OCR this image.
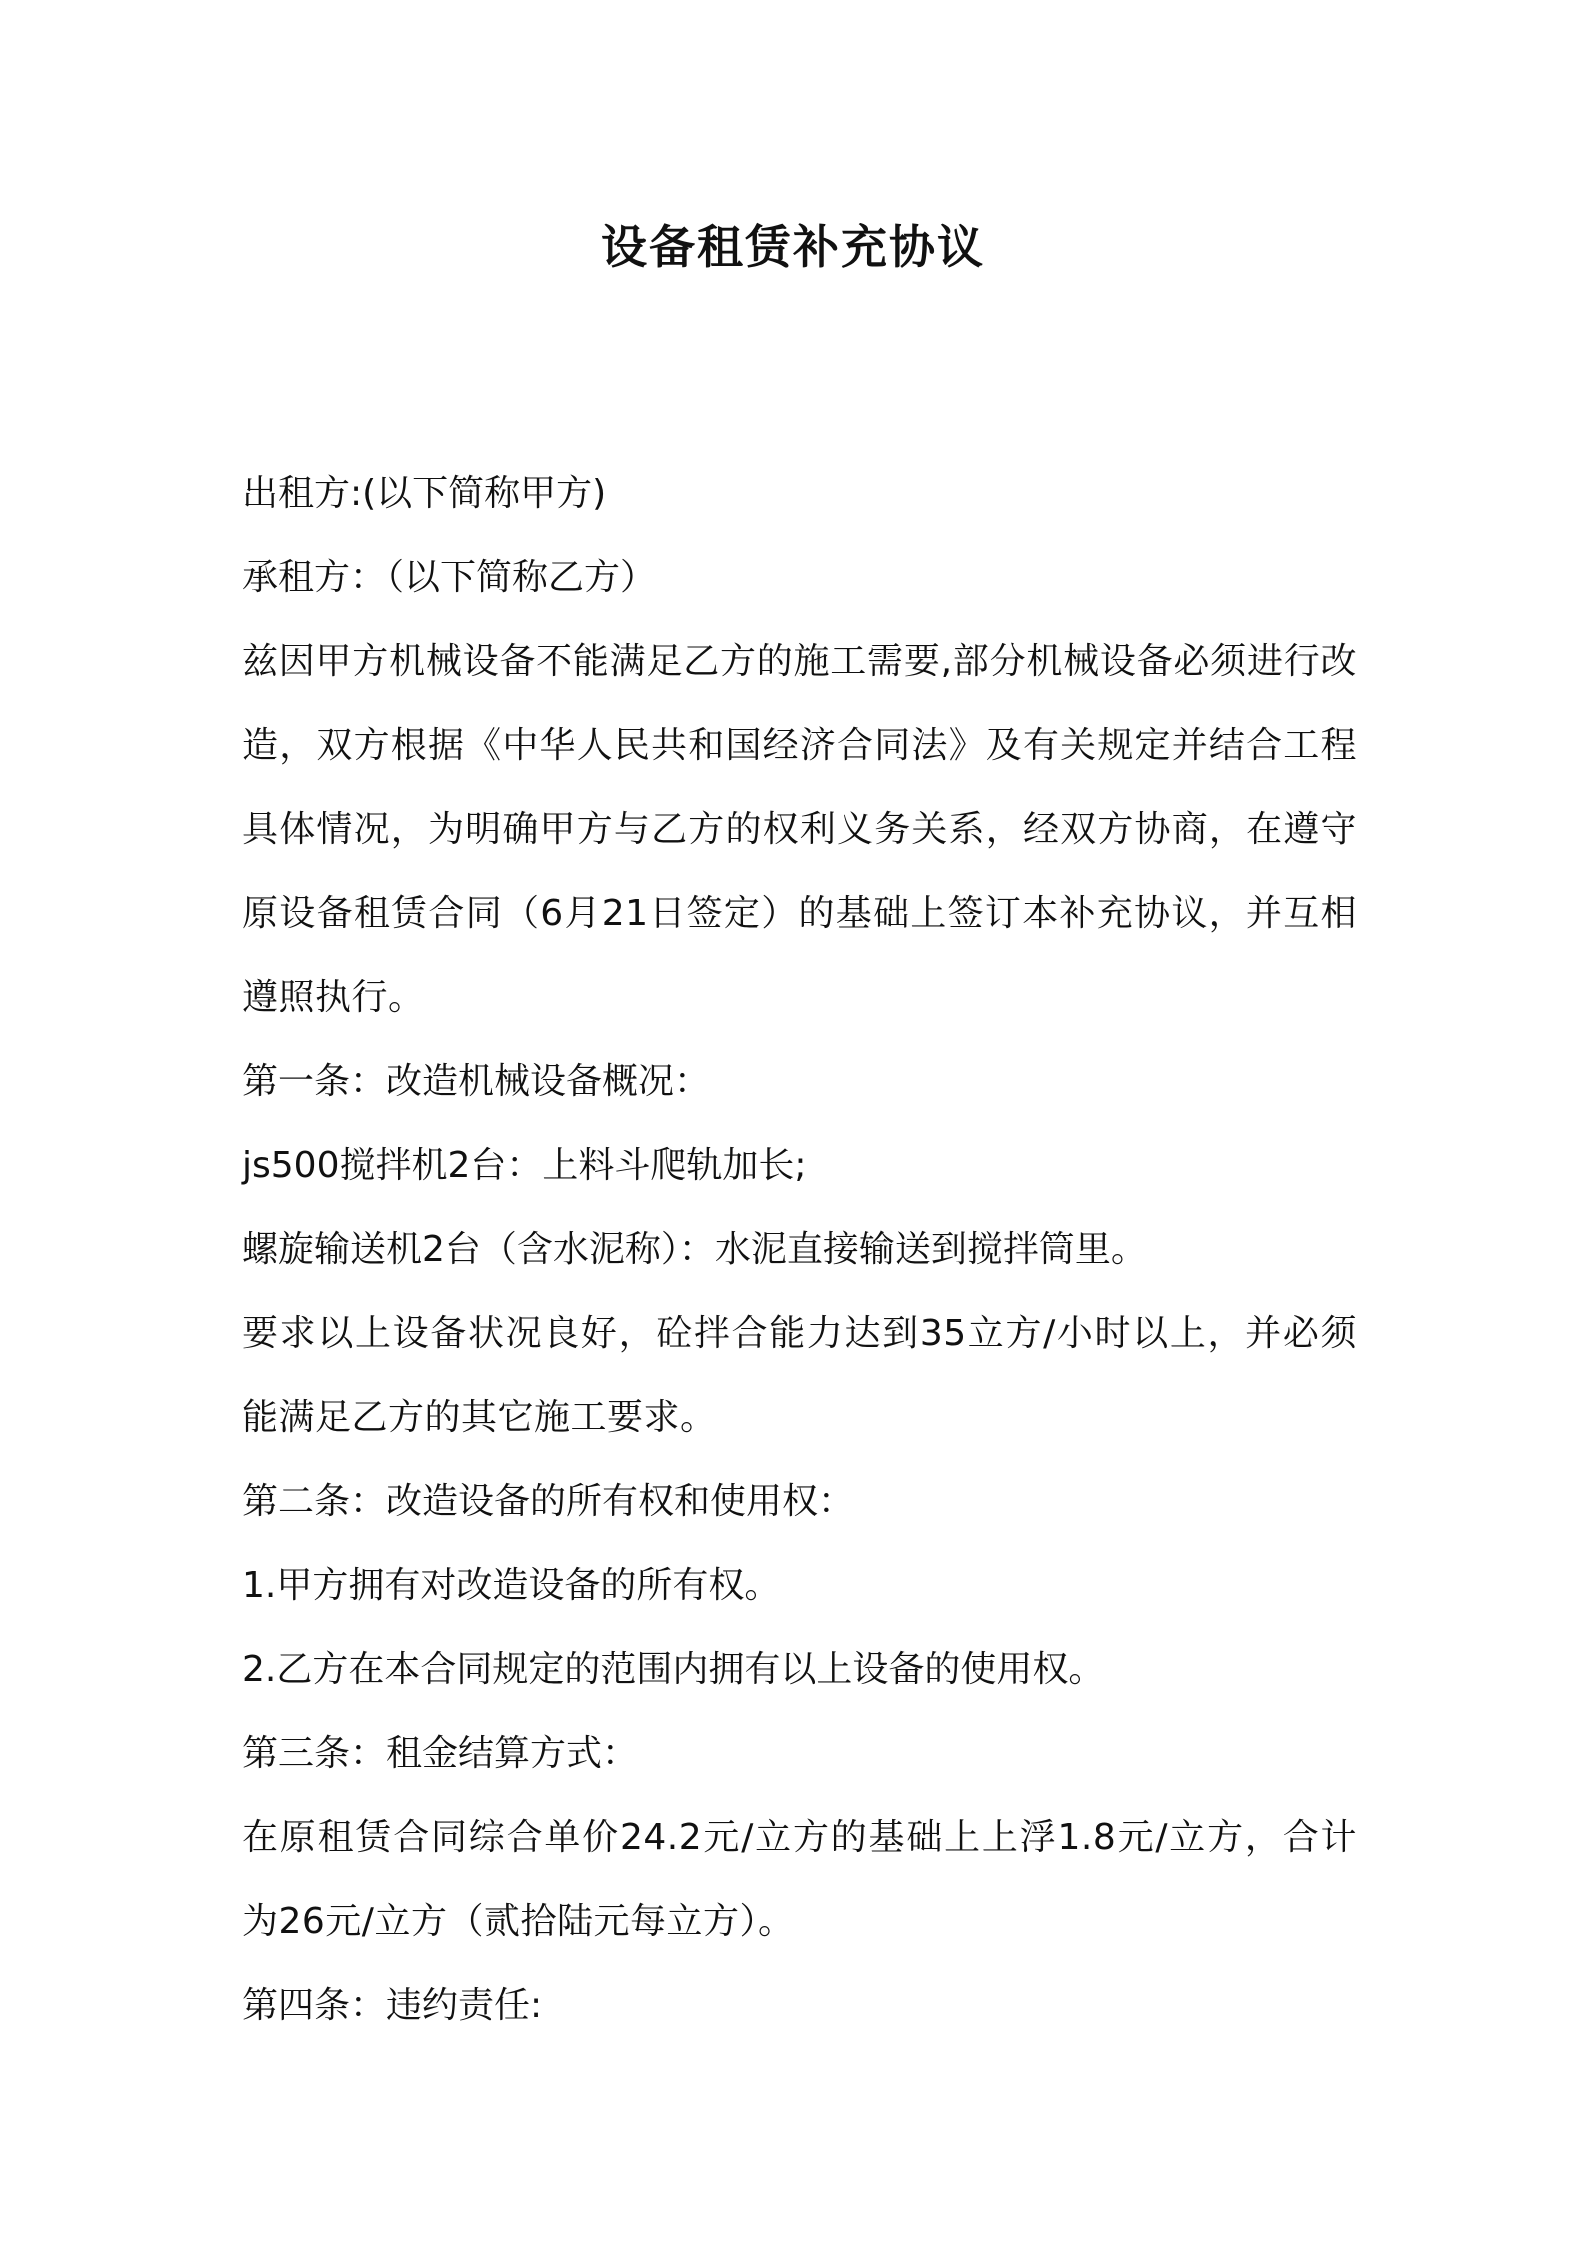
设备租赁补充协议

出租方:(以下简称甲方)

承租方：（以下简称乙方）

兹因甲方机械设备不能满足乙方的施工需要,部分机械设备必须进行改造，双方根据《中华人民共和国经济合同法》及有关规定并结合工程具体情况，为明确甲方与乙方的权利义务关系，经双方协商，在遵守原设备租赁合同（6月21日签定）的基础上签订本补充协议，并互相遵照执行。

第一条：改造机械设备概况：

js500搅拌机2台：上料斗爬轨加长;

螺旋输送机2台（含水泥称）：水泥直接输送到搅拌筒里。

要求以上设备状况良好，砼拌合能力达到35立方/小时以上，并必须能满足乙方的其它施工要求。

第二条：改造设备的所有权和使用权：

1.甲方拥有对改造设备的所有权。

2.乙方在本合同规定的范围内拥有以上设备的使用权。

第三条：租金结算方式：

在原租赁合同综合单价24.2元/立方的基础上上浮1.8元/立方，合计为26元/立方（贰拾陆元每立方）。

第四条：违约责任:
